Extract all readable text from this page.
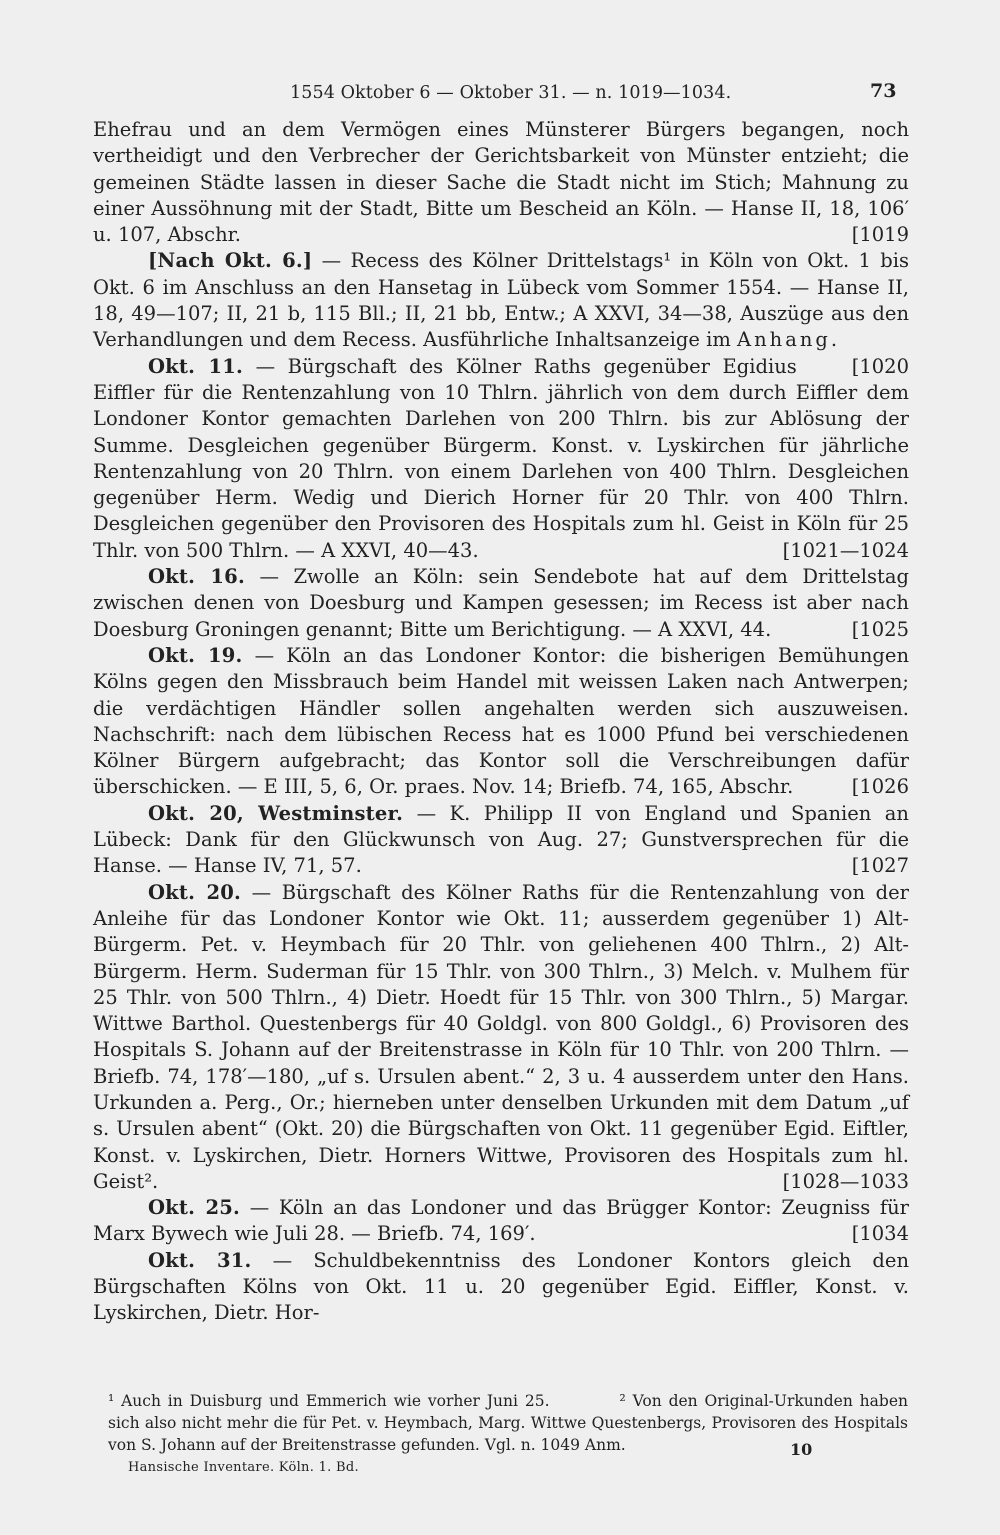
1554 Oktober 6 — Oktober 31. — n. 1019—1034.	73

Ehefrau und an dem Vermögen eines Münsterer Bürgers begangen, noch vertheidigt und den Verbrecher der Gerichtsbarkeit von Münster entzieht; die gemeinen Städte lassen in dieser Sache die Stadt nicht im Stich; Mahnung zu einer Aussöhnung mit der Stadt, Bitte um Bescheid an Köln. — Hanse II, 18, 106′ u. 107, Abschr.	[1019

[Nach Okt. 6.] — Recess des Kölner Drittelstags¹ in Köln von Okt. 1 bis Okt. 6 im Anschluss an den Hansetag in Lübeck vom Sommer 1554. — Hanse II, 18, 49—107; II, 21 b, 115 Bll.; II, 21 bb, Entw.; A XXVI, 34—38, Auszüge aus den Verhandlungen und dem Recess. Ausführliche Inhaltsanzeige im Anhang.
[1020

Okt. 11. — Bürgschaft des Kölner Raths gegenüber Egidius Eiffler für die Rentenzahlung von 10 Thlrn. jährlich von dem durch Eiffler dem Londoner Kontor gemachten Darlehen von 200 Thlrn. bis zur Ablösung der Summe. Desgleichen gegenüber Bürgerm. Konst. v. Lyskirchen für jährliche Rentenzahlung von 20 Thlrn. von einem Darlehen von 400 Thlrn. Desgleichen gegenüber Herm. Wedig und Dierich Horner für 20 Thlr. von 400 Thlrn. Desgleichen gegenüber den Provisoren des Hospitals zum hl. Geist in Köln für 25 Thlr. von 500 Thlrn. — A XXVI, 40—43.	[1021—1024

Okt. 16. — Zwolle an Köln: sein Sendebote hat auf dem Drittelstag zwischen denen von Doesburg und Kampen gesessen; im Recess ist aber nach Doesburg Groningen genannt; Bitte um Berichtigung. — A XXVI, 44.	[1025

Okt. 19. — Köln an das Londoner Kontor: die bisherigen Bemühungen Kölns gegen den Missbrauch beim Handel mit weissen Laken nach Antwerpen; die verdächtigen Händler sollen angehalten werden sich auszuweisen. Nachschrift: nach dem lübischen Recess hat es 1000 Pfund bei verschiedenen Kölner Bürgern aufgebracht; das Kontor soll die Verschreibungen dafür überschicken. — E III, 5, 6, Or. praes. Nov. 14; Briefb. 74, 165, Abschr.	[1026

Okt. 20, Westminster. — K. Philipp II von England und Spanien an Lübeck: Dank für den Glückwunsch von Aug. 27; Gunstversprechen für die Hanse. — Hanse IV, 71, 57.	[1027

Okt. 20. — Bürgschaft des Kölner Raths für die Rentenzahlung von der Anleihe für das Londoner Kontor wie Okt. 11; ausserdem gegenüber 1) Alt-Bürgerm. Pet. v. Heymbach für 20 Thlr. von geliehenen 400 Thlrn., 2) Alt-Bürgerm. Herm. Suderman für 15 Thlr. von 300 Thlrn., 3) Melch. v. Mulhem für 25 Thlr. von 500 Thlrn., 4) Dietr. Hoedt für 15 Thlr. von 300 Thlrn., 5) Margar. Wittwe Barthol. Questenbergs für 40 Goldgl. von 800 Goldgl., 6) Provisoren des Hospitals S. Johann auf der Breitenstrasse in Köln für 10 Thlr. von 200 Thlrn. — Briefb. 74, 178′—180, „uf s. Ursulen abent.“ 2, 3 u. 4 ausserdem unter den Hans. Urkunden a. Perg., Or.; hierneben unter denselben Urkunden mit dem Datum „uf s. Ursulen abent“ (Okt. 20) die Bürgschaften von Okt. 11 gegenüber Egid. Eiftler, Konst. v. Lyskirchen, Dietr. Horners Wittwe, Provisoren des Hospitals zum hl. Geist².	[1028—1033

Okt. 25. — Köln an das Londoner und das Brügger Kontor: Zeugniss für Marx Bywech wie Juli 28. — Briefb. 74, 169′.	[1034

Okt. 31. — Schuldbekenntniss des Londoner Kontors gleich den Bürgschaften Kölns von Okt. 11 u. 20 gegenüber Egid. Eiffler, Konst. v. Lyskirchen, Dietr. Hor-

¹ Auch in Duisburg und Emmerich wie vorher Juni 25.	² Von den Original-Urkunden haben sich also nicht mehr die für Pet. v. Heymbach, Marg. Wittwe Questenbergs, Provisoren des Hospitals von S. Johann auf der Breitenstrasse gefunden. Vgl. n. 1049 Anm.

Hansische Inventare. Köln. 1. Bd.
10
